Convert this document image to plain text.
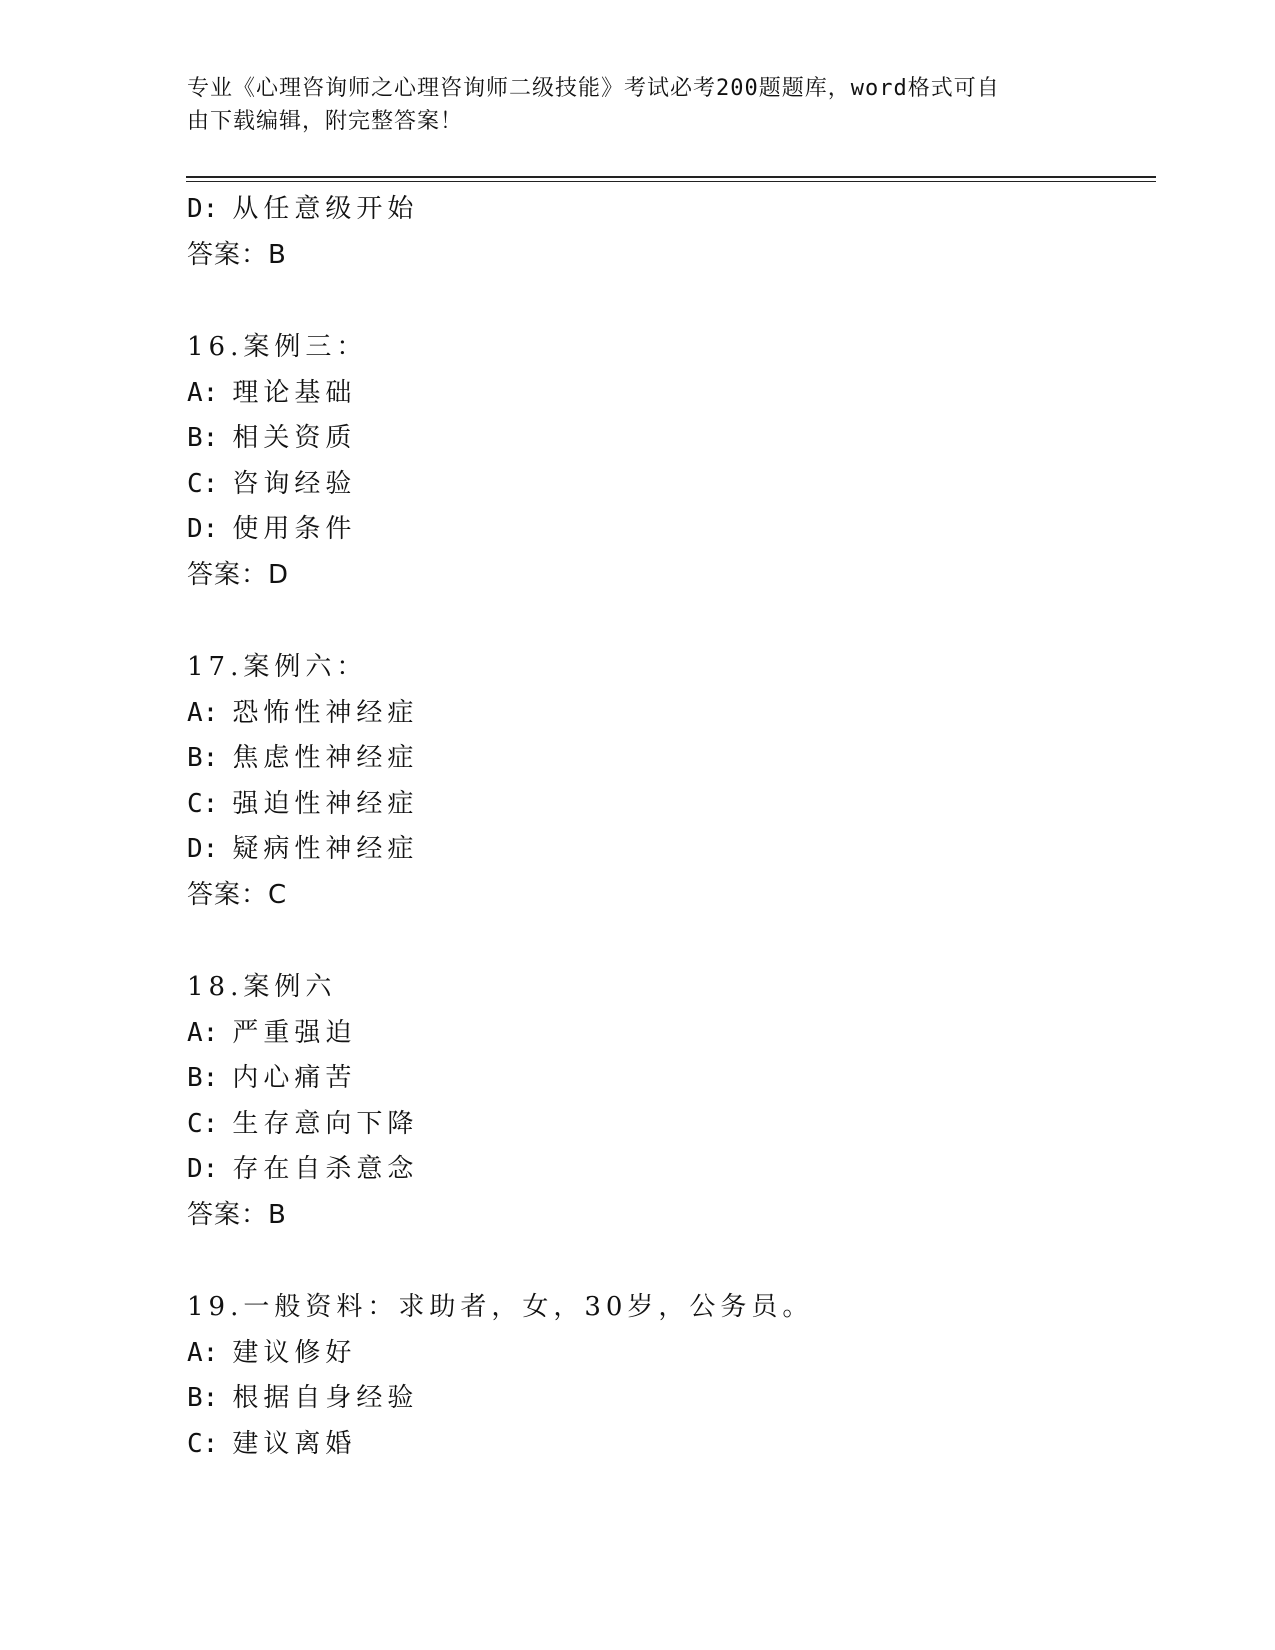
专业《心理咨询师之心理咨询师二级技能》考试必考200题题库，word格式可自
由下载编辑，附完整答案！
D: 从任意级开始
答案：B
16.案例三：
A: 理论基础
B: 相关资质
C: 咨询经验
D: 使用条件
答案：D
17.案例六：
A: 恐怖性神经症
B: 焦虑性神经症
C: 强迫性神经症
D: 疑病性神经症
答案：C
18.案例六
A: 严重强迫
B: 内心痛苦
C: 生存意向下降
D: 存在自杀意念
答案：B
19.一般资料：求助者，女，30岁，公务员。
A: 建议修好
B: 根据自身经验
C: 建议离婚
